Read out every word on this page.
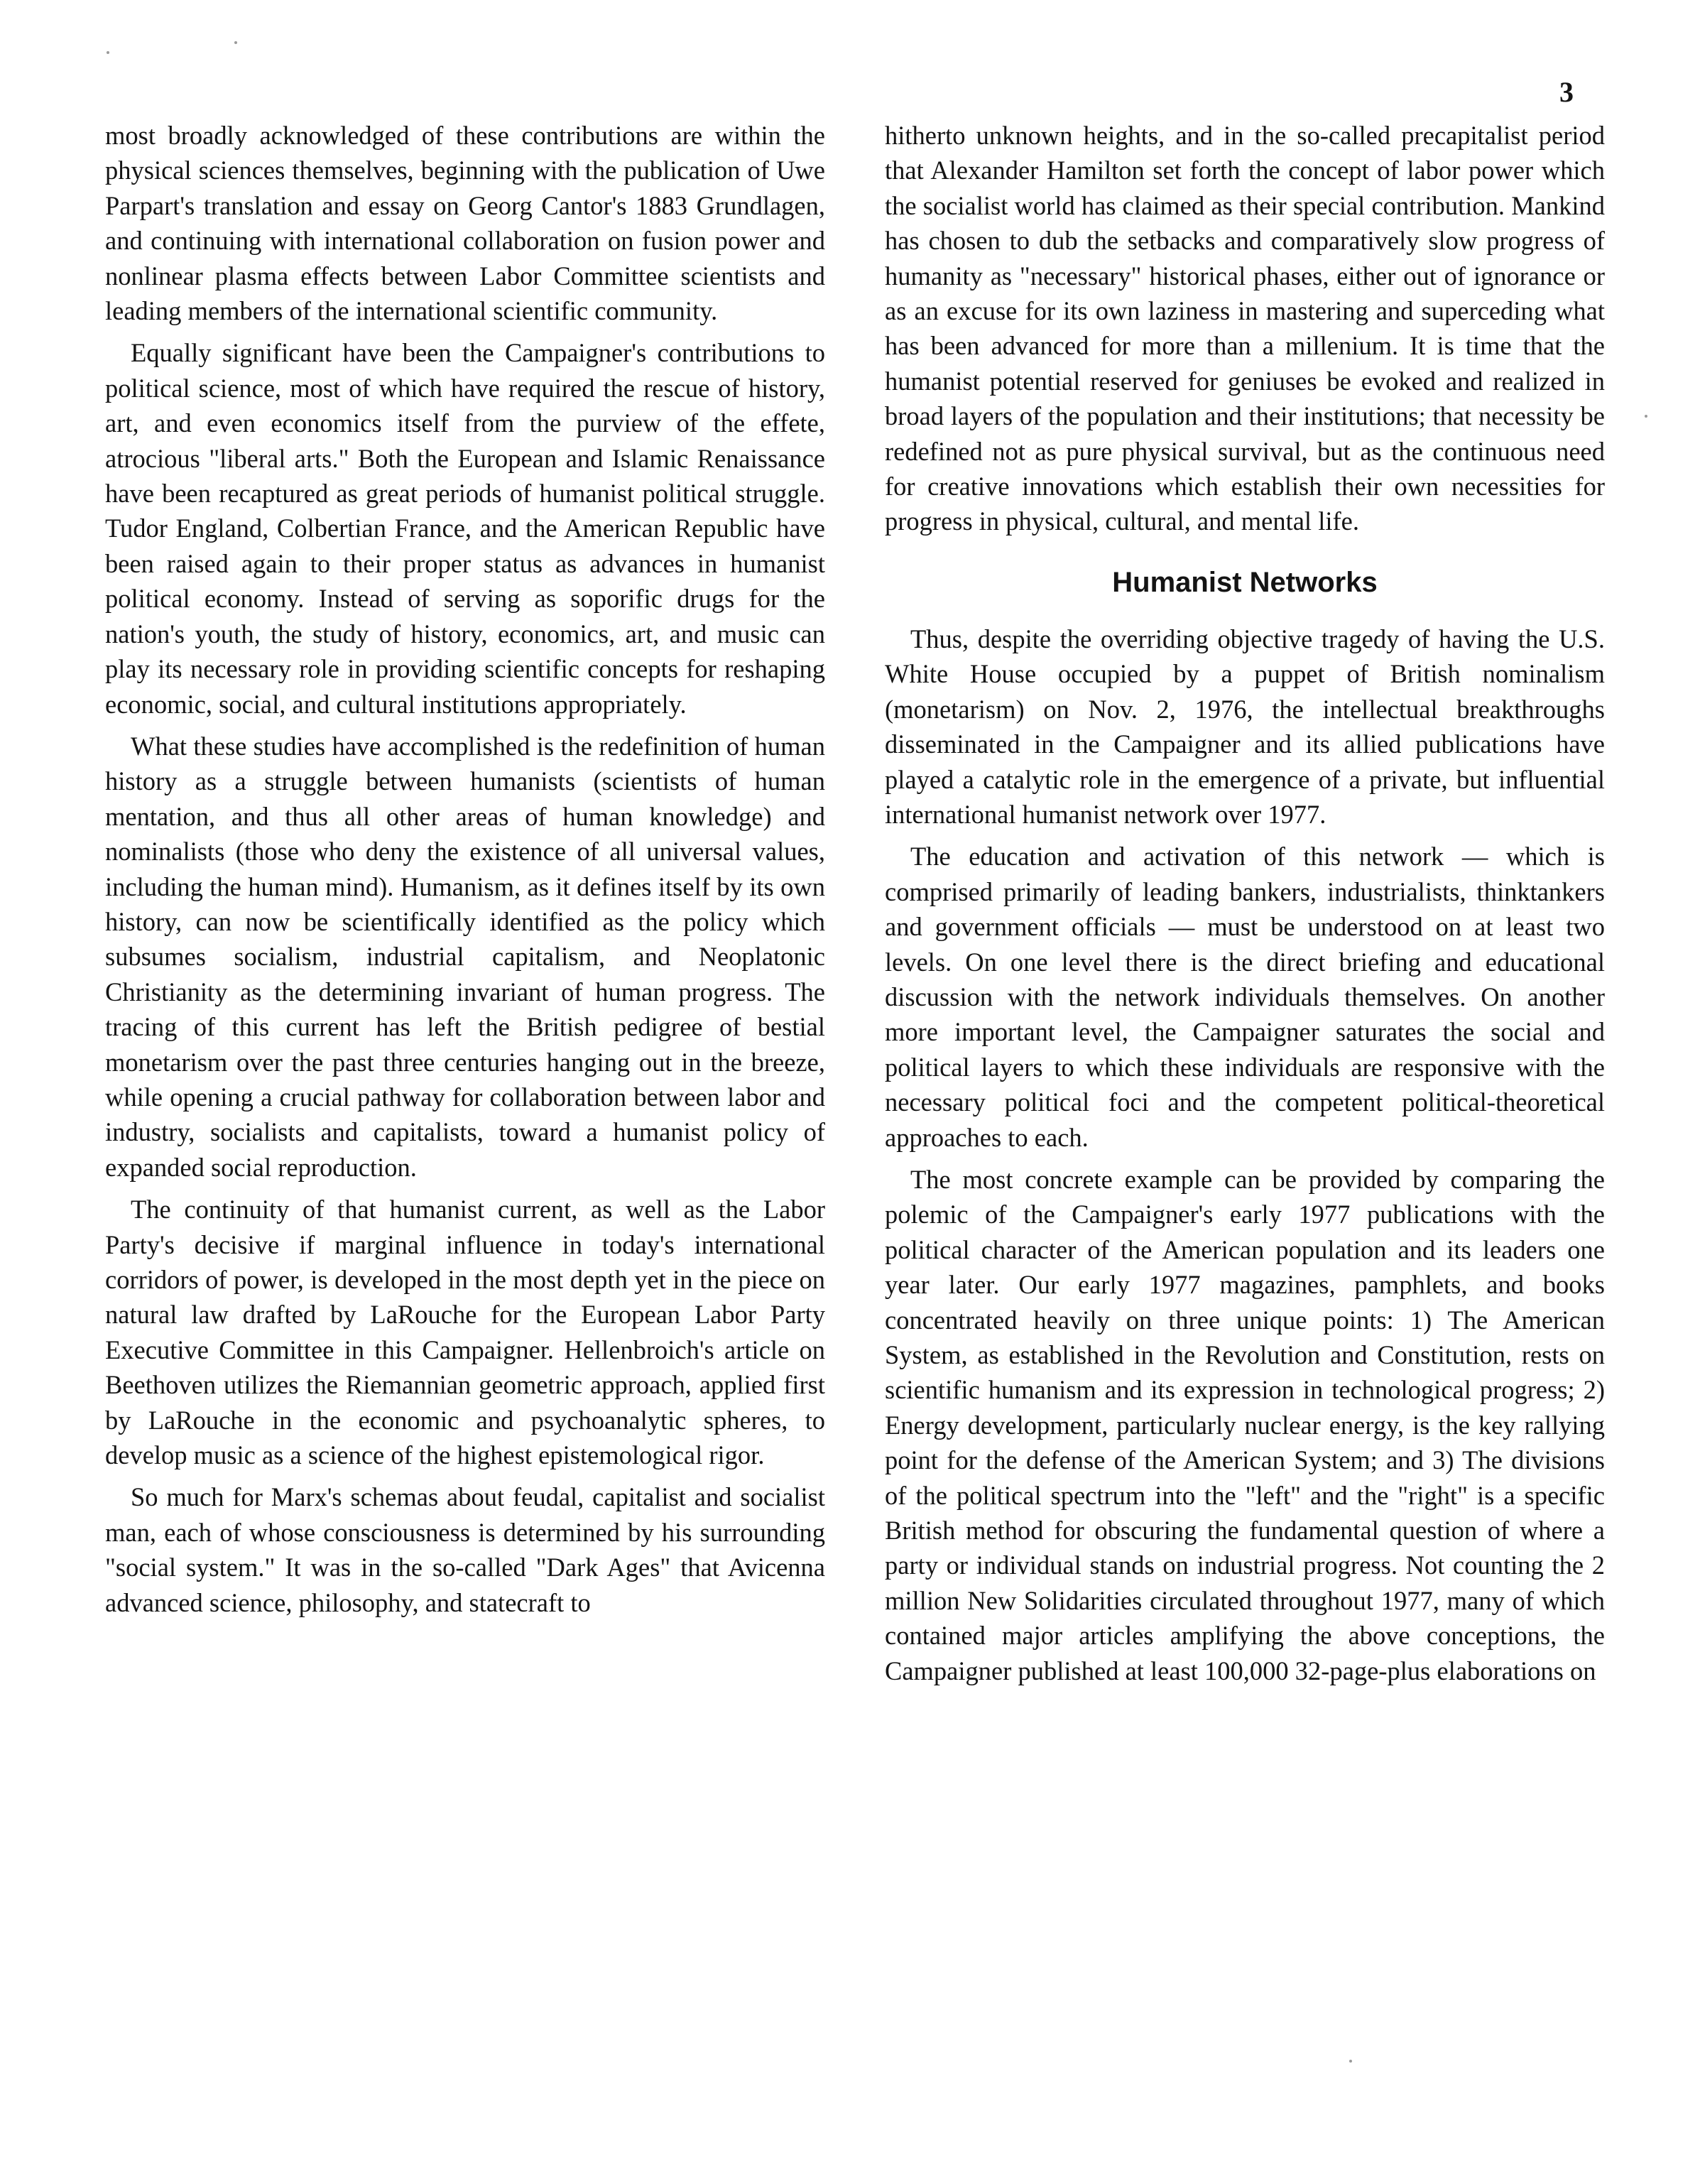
3

most broadly acknowledged of these contributions are within the physical sciences themselves, beginning with the publication of Uwe Parpart's translation and essay on Georg Cantor's 1883 Grundlagen, and continuing with international collaboration on fusion power and nonlinear plasma effects between Labor Committee scientists and leading members of the international scientific community.

Equally significant have been the Campaigner's contributions to political science, most of which have required the rescue of history, art, and even economics itself from the purview of the effete, atrocious "liberal arts." Both the European and Islamic Renaissance have been recaptured as great periods of humanist political struggle. Tudor England, Colbertian France, and the American Republic have been raised again to their proper status as advances in humanist political economy. Instead of serving as soporific drugs for the nation's youth, the study of history, economics, art, and music can play its necessary role in providing scientific concepts for reshaping economic, social, and cultural institutions appropriately.

What these studies have accomplished is the redefinition of human history as a struggle between humanists (scientists of human mentation, and thus all other areas of human knowledge) and nominalists (those who deny the existence of all universal values, including the human mind). Humanism, as it defines itself by its own history, can now be scientifically identified as the policy which subsumes socialism, industrial capitalism, and Neoplatonic Christianity as the determining invariant of human progress. The tracing of this current has left the British pedigree of bestial monetarism over the past three centuries hanging out in the breeze, while opening a crucial pathway for collaboration between labor and industry, socialists and capitalists, toward a humanist policy of expanded social reproduction.

The continuity of that humanist current, as well as the Labor Party's decisive if marginal influence in today's international corridors of power, is developed in the most depth yet in the piece on natural law drafted by LaRouche for the European Labor Party Executive Committee in this Campaigner. Hellenbroich's article on Beethoven utilizes the Riemannian geometric approach, applied first by LaRouche in the economic and psychoanalytic spheres, to develop music as a science of the highest epistemological rigor.

So much for Marx's schemas about feudal, capitalist and socialist man, each of whose consciousness is determined by his surrounding "social system." It was in the so-called "Dark Ages" that Avicenna advanced science, philosophy, and statecraft to

hitherto unknown heights, and in the so-called precapitalist period that Alexander Hamilton set forth the concept of labor power which the socialist world has claimed as their special contribution. Mankind has chosen to dub the setbacks and comparatively slow progress of humanity as "necessary" historical phases, either out of ignorance or as an excuse for its own laziness in mastering and superceding what has been advanced for more than a millenium. It is time that the humanist potential reserved for geniuses be evoked and realized in broad layers of the population and their institutions; that necessity be redefined not as pure physical survival, but as the continuous need for creative innovations which establish their own necessities for progress in physical, cultural, and mental life.

Humanist Networks

Thus, despite the overriding objective tragedy of having the U.S. White House occupied by a puppet of British nominalism (monetarism) on Nov. 2, 1976, the intellectual breakthroughs disseminated in the Campaigner and its allied publications have played a catalytic role in the emergence of a private, but influential international humanist network over 1977.

The education and activation of this network — which is comprised primarily of leading bankers, industrialists, thinktankers and government officials — must be understood on at least two levels. On one level there is the direct briefing and educational discussion with the network individuals themselves. On another more important level, the Campaigner saturates the social and political layers to which these individuals are responsive with the necessary political foci and the competent political-theoretical approaches to each.

The most concrete example can be provided by comparing the polemic of the Campaigner's early 1977 publications with the political character of the American population and its leaders one year later. Our early 1977 magazines, pamphlets, and books concentrated heavily on three unique points: 1) The American System, as established in the Revolution and Constitution, rests on scientific humanism and its expression in technological progress; 2) Energy development, particularly nuclear energy, is the key rallying point for the defense of the American System; and 3) The divisions of the political spectrum into the "left" and the "right" is a specific British method for obscuring the fundamental question of where a party or individual stands on industrial progress. Not counting the 2 million New Solidarities circulated throughout 1977, many of which contained major articles amplifying the above conceptions, the Campaigner published at least 100,000 32-page-plus elaborations on
